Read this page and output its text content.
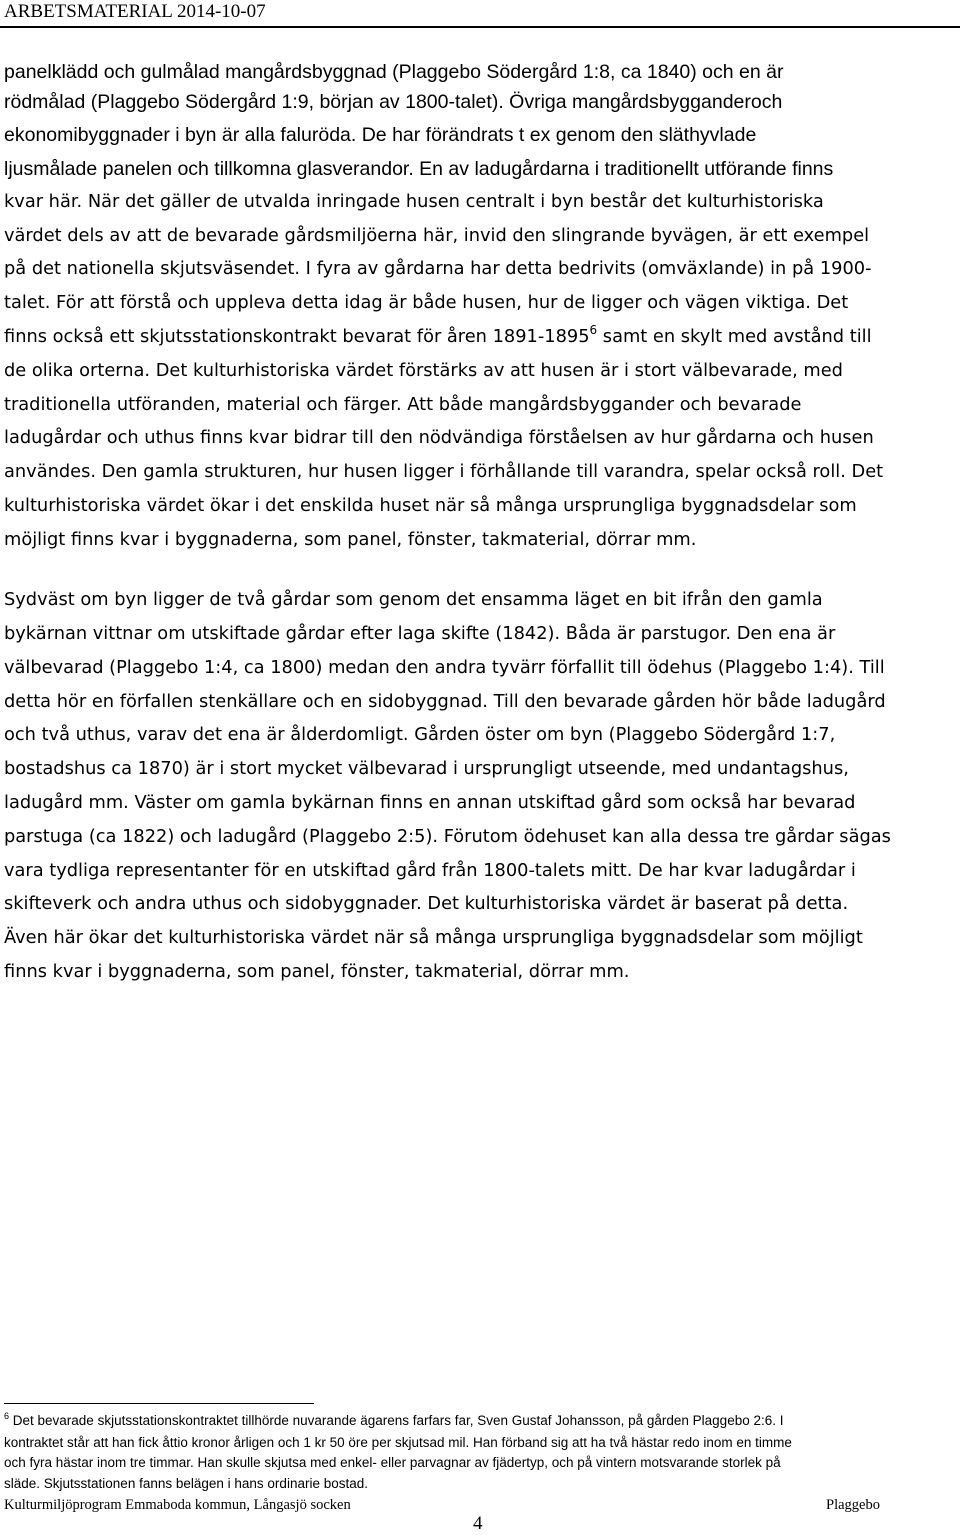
ARBETSMATERIAL 2014-10-07
panelklädd och gulmålad mangårdsbyggnad (Plaggebo Södergård 1:8, ca 1840) och en är
rödmålad (Plaggebo Södergård 1:9, början av 1800-talet). Övriga mangårdsbygganderoch
ekonomibyggnader i byn är alla faluröda. De har förändrats t ex genom den släthyvlade
ljusmålade panelen och tillkomna glasverandor. En av ladugårdarna i traditionellt utförande finns
kvar här. När det gäller de utvalda inringade husen centralt i byn består det kulturhistoriska
värdet dels av att de bevarade gårdsmiljöerna här, invid den slingrande byvägen, är ett exempel
på det nationella skjutsväsendet. I fyra av gårdarna har detta bedrivits (omväxlande) in på 1900-
talet. För att förstå och uppleva detta idag är både husen, hur de ligger och vägen viktiga. Det
finns också ett skjutsstationskontrakt bevarat för åren 1891-1895$^6$ samt en skylt med avstånd till
de olika orterna. Det kulturhistoriska värdet förstärks av att husen är i stort välbevarade, med
traditionella utföranden, material och färger. Att både mangårdsbyggander och bevarade
ladugårdar och uthus finns kvar bidrar till den nödvändiga förståelsen av hur gårdarna och husen
användes. Den gamla strukturen, hur husen ligger i förhållande till varandra, spelar också roll. Det
kulturhistoriska värdet ökar i det enskilda huset när så många ursprungliga byggnadsdelar som
möjligt finns kvar i byggnaderna, som panel, fönster, takmaterial, dörrar mm.
Sydväst om byn ligger de två gårdar som genom det ensamma läget en bit ifrån den gamla
bykärnan vittnar om utskiftade gårdar efter laga skifte (1842). Båda är parstugor. Den ena är
välbevarad (Plaggebo 1:4, ca 1800) medan den andra tyvärr förfallit till ödehus (Plaggebo 1:4). Till
detta hör en förfallen stenkällare och en sidobyggnad. Till den bevarade gården hör både ladugård
och två uthus, varav det ena är ålderdomligt. Gården öster om byn (Plaggebo Södergård 1:7,
bostadshus ca 1870) är i stort mycket välbevarad i ursprungligt utseende, med undantagshus,
ladugård mm. Väster om gamla bykärnan finns en annan utskiftad gård som också har bevarad
parstuga (ca 1822) och ladugård (Plaggebo 2:5). Förutom ödehuset kan alla dessa tre gårdar sägas
vara tydliga representanter för en utskiftad gård från 1800-talets mitt. De har kvar ladugårdar i
skifteverk och andra uthus och sidobyggnader. Det kulturhistoriska värdet är baserat på detta.
Även här ökar det kulturhistoriska värdet när så många ursprungliga byggnadsdelar som möjligt
finns kvar i byggnaderna, som panel, fönster, takmaterial, dörrar mm.
$^6$ Det bevarade skjutsstationskontraktet tillhörde nuvarande ägarens farfars far, Sven Gustaf Johansson, på gården Plaggebo 2:6. I
kontraktet står att han fick åttio kronor årligen och 1 kr 50 öre per skjutsad mil. Han förband sig att ha två hästar redo inom en timme
och fyra hästar inom tre timmar. Han skulle skjutsa med enkel- eller parvagnar av fjädertyp, och på vintern motsvarande storlek på
släde. Skjutsstationen fanns belägen i hans ordinarie bostad.
Kulturmiljöprogram Emmaboda kommun, Långasjö socken	Plaggebo
4
